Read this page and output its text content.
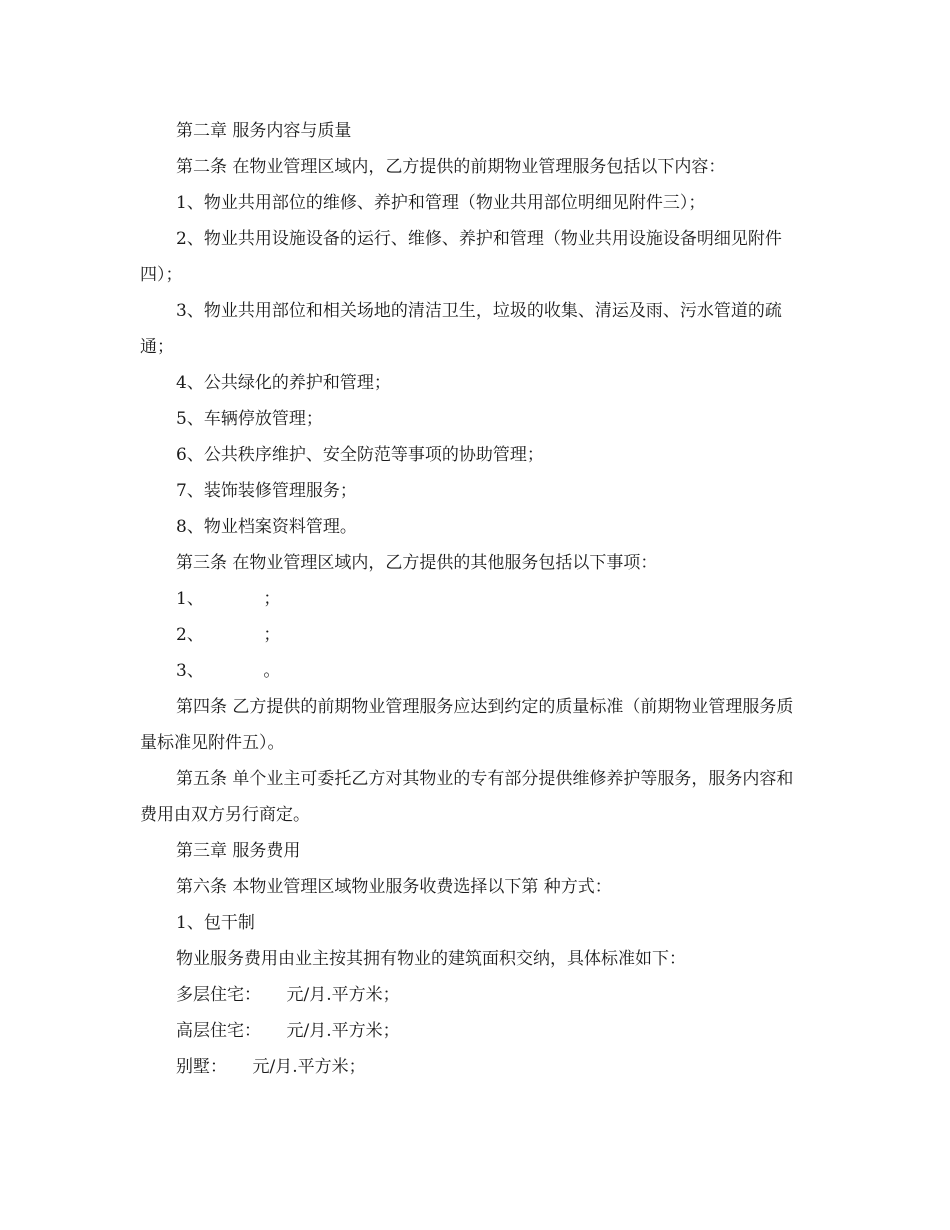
第二章 服务内容与质量

第二条 在物业管理区域内，乙方提供的前期物业管理服务包括以下内容：

1、物业共用部位的维修、养护和管理（物业共用部位明细见附件三）；

2、物业共用设施设备的运行、维修、养护和管理（物业共用设施设备明细见附件四）；

3、物业共用部位和相关场地的清洁卫生，垃圾的收集、清运及雨、污水管道的疏通；

4、公共绿化的养护和管理；

5、车辆停放管理；

6、公共秩序维护、安全防范等事项的协助管理；

7、装饰装修管理服务；

8、物业档案资料管理。

第三条 在物业管理区域内，乙方提供的其他服务包括以下事项：

1、　　　　；

2、　　　　；

3、　　　　。

第四条 乙方提供的前期物业管理服务应达到约定的质量标准（前期物业管理服务质量标准见附件五）。

第五条 单个业主可委托乙方对其物业的专有部分提供维修养护等服务，服务内容和费用由双方另行商定。

第三章 服务费用

第六条 本物业管理区域物业服务收费选择以下第 种方式：

1、包干制

物业服务费用由业主按其拥有物业的建筑面积交纳，具体标准如下：

多层住宅：　　元/月.平方米；

高层住宅：　　元/月.平方米；

别墅：　　元/月.平方米；
